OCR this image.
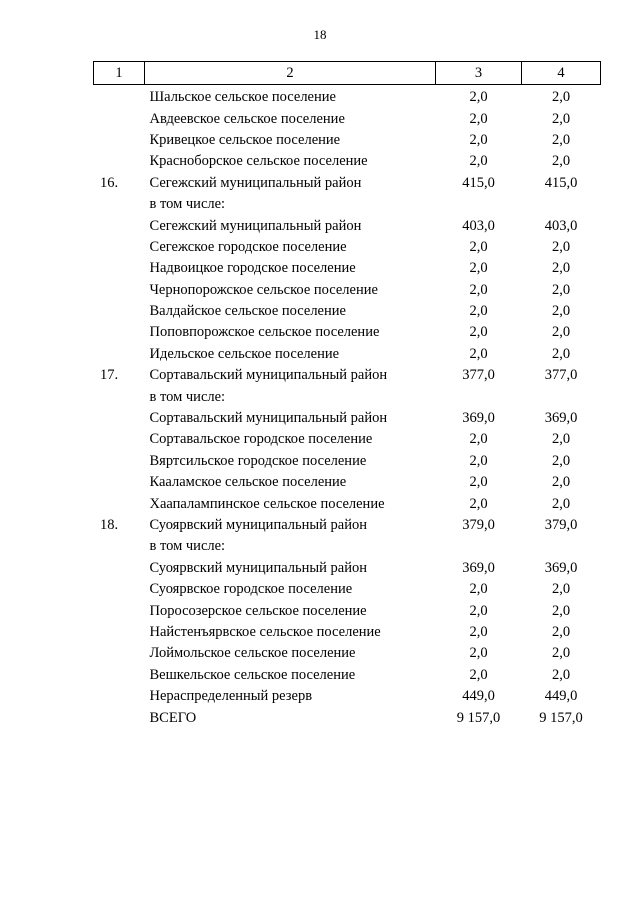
18
1	2	3	4
	Шальское сельское поселение	2,0	2,0
	Авдеевское сельское поселение	2,0	2,0
	Кривецкое сельское поселение	2,0	2,0
	Красноборское сельское поселение	2,0	2,0
16.	Сегежский муниципальный район	415,0	415,0
	в том числе:		
	Сегежский муниципальный район	403,0	403,0
	Сегежское городское поселение	2,0	2,0
	Надвоицкое городское поселение	2,0	2,0
	Чернопорожское сельское поселение	2,0	2,0
	Валдайское сельское поселение	2,0	2,0
	Поповпорожское сельское поселение	2,0	2,0
	Идельское сельское поселение	2,0	2,0
17.	Сортавальский муниципальный район	377,0	377,0
	в том числе:		
	Сортавальский муниципальный район	369,0	369,0
	Сортавальское городское поселение	2,0	2,0
	Вяртсильское городское поселение	2,0	2,0
	Кааламское сельское поселение	2,0	2,0
	Хаапалампинское сельское поселение	2,0	2,0
18.	Суоярвский муниципальный район	379,0	379,0
	в том числе:		
	Суоярвский муниципальный район	369,0	369,0
	Суоярвское городское поселение	2,0	2,0
	Поросозерское сельское поселение	2,0	2,0
	Найстенъярвское сельское поселение	2,0	2,0
	Лоймольское сельское поселение	2,0	2,0
	Вешкельское сельское поселение	2,0	2,0
	Нераспределенный резерв	449,0	449,0
	ВСЕГО	9 157,0	9 157,0
